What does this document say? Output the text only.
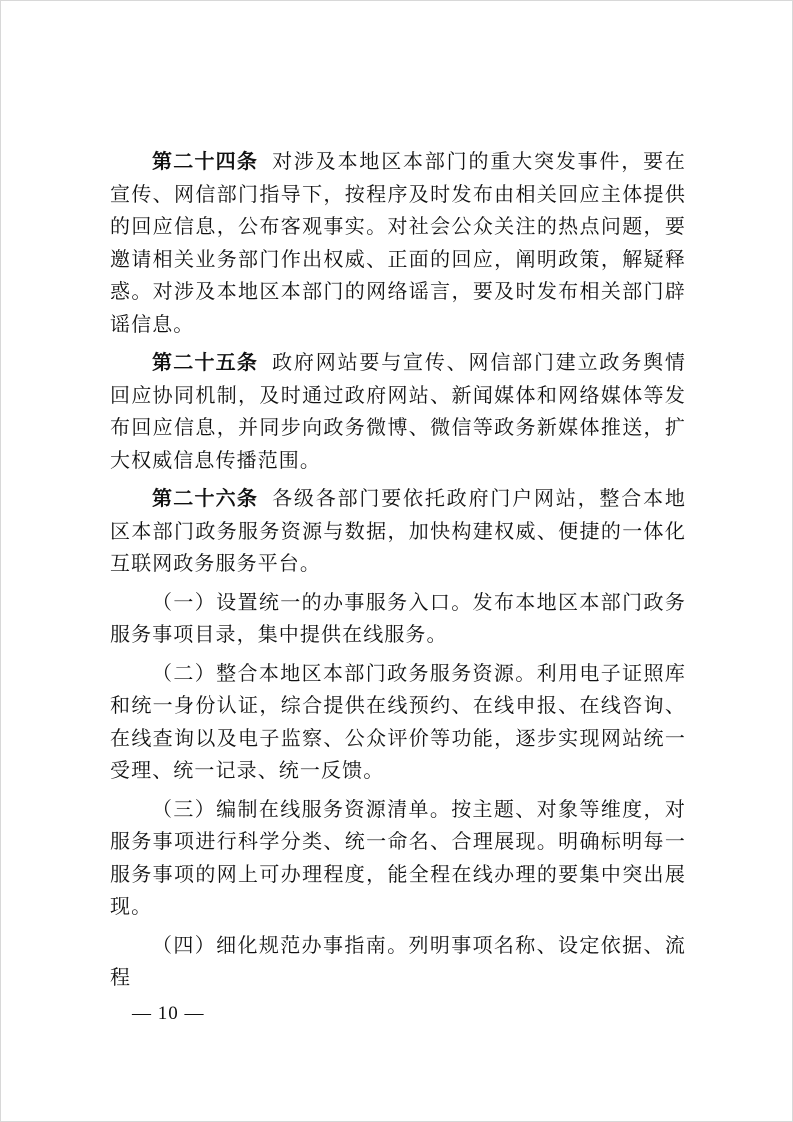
第二十四条 对涉及本地区本部门的重大突发事件，要在宣传、网信部门指导下，按程序及时发布由相关回应主体提供的回应信息，公布客观事实。对社会公众关注的热点问题，要邀请相关业务部门作出权威、正面的回应，阐明政策，解疑释惑。对涉及本地区本部门的网络谣言，要及时发布相关部门辟谣信息。

第二十五条 政府网站要与宣传、网信部门建立政务舆情回应协同机制，及时通过政府网站、新闻媒体和网络媒体等发布回应信息，并同步向政务微博、微信等政务新媒体推送，扩大权威信息传播范围。

第二十六条 各级各部门要依托政府门户网站，整合本地区本部门政务服务资源与数据，加快构建权威、便捷的一体化互联网政务服务平台。

（一）设置统一的办事服务入口。发布本地区本部门政务服务事项目录，集中提供在线服务。

（二）整合本地区本部门政务服务资源。利用电子证照库和统一身份认证，综合提供在线预约、在线申报、在线咨询、在线查询以及电子监察、公众评价等功能，逐步实现网站统一受理、统一记录、统一反馈。

（三）编制在线服务资源清单。按主题、对象等维度，对服务事项进行科学分类、统一命名、合理展现。明确标明每一服务事项的网上可办理程度，能全程在线办理的要集中突出展现。

（四）细化规范办事指南。列明事项名称、设定依据、流程

— 10 —
